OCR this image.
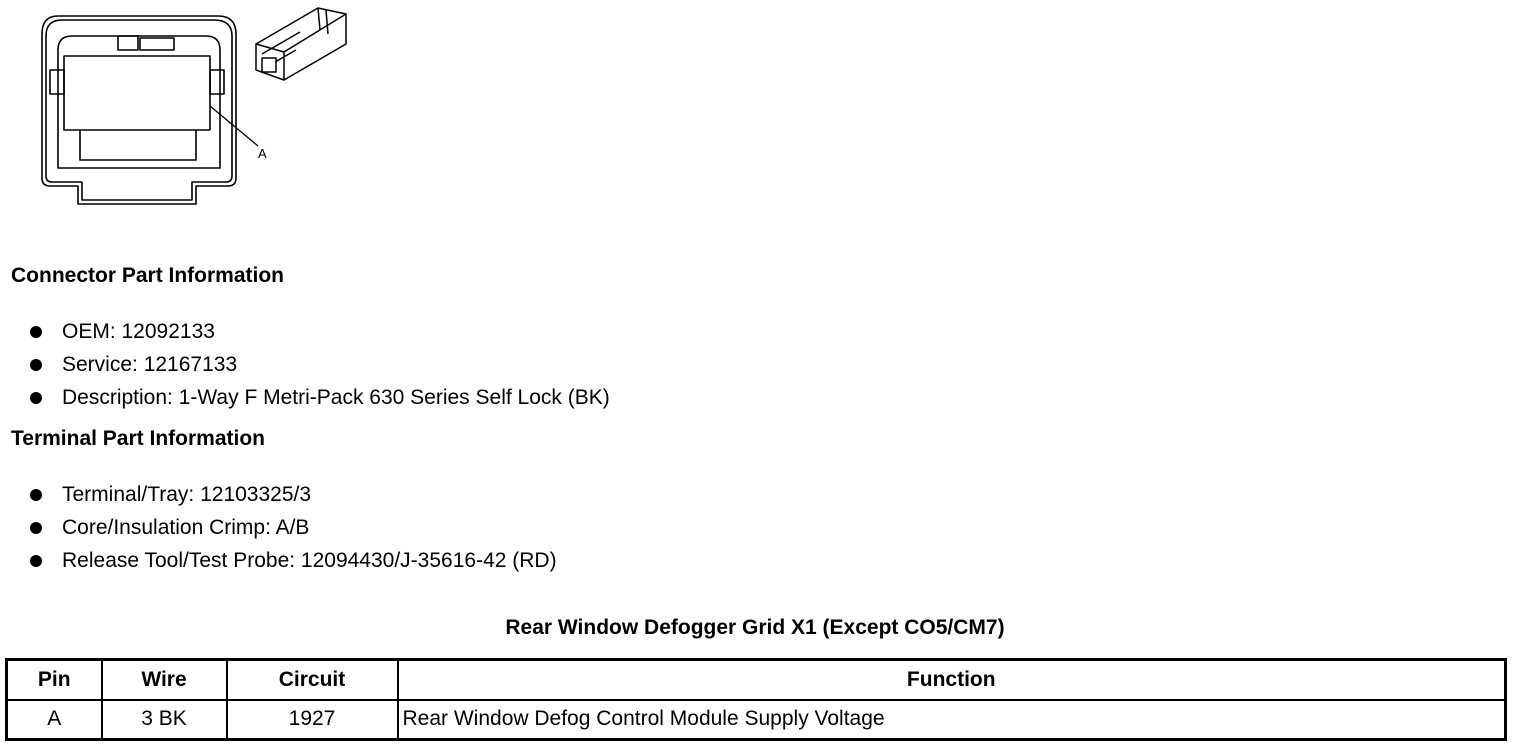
A
Connector Part Information
OEM: 12092133
Service: 12167133
Description: 1-Way F Metri-Pack 630 Series Self Lock (BK)
Terminal Part Information
Terminal/Tray: 12103325/3
Core/Insulation Crimp: A/B
Release Tool/Test Probe: 12094430/J-35616-42 (RD)
Rear Window Defogger Grid X1 (Except CO5/CM7)
Pin	Wire	Circuit	Function
A	3 BK	1927	Rear Window Defog Control Module Supply Voltage
